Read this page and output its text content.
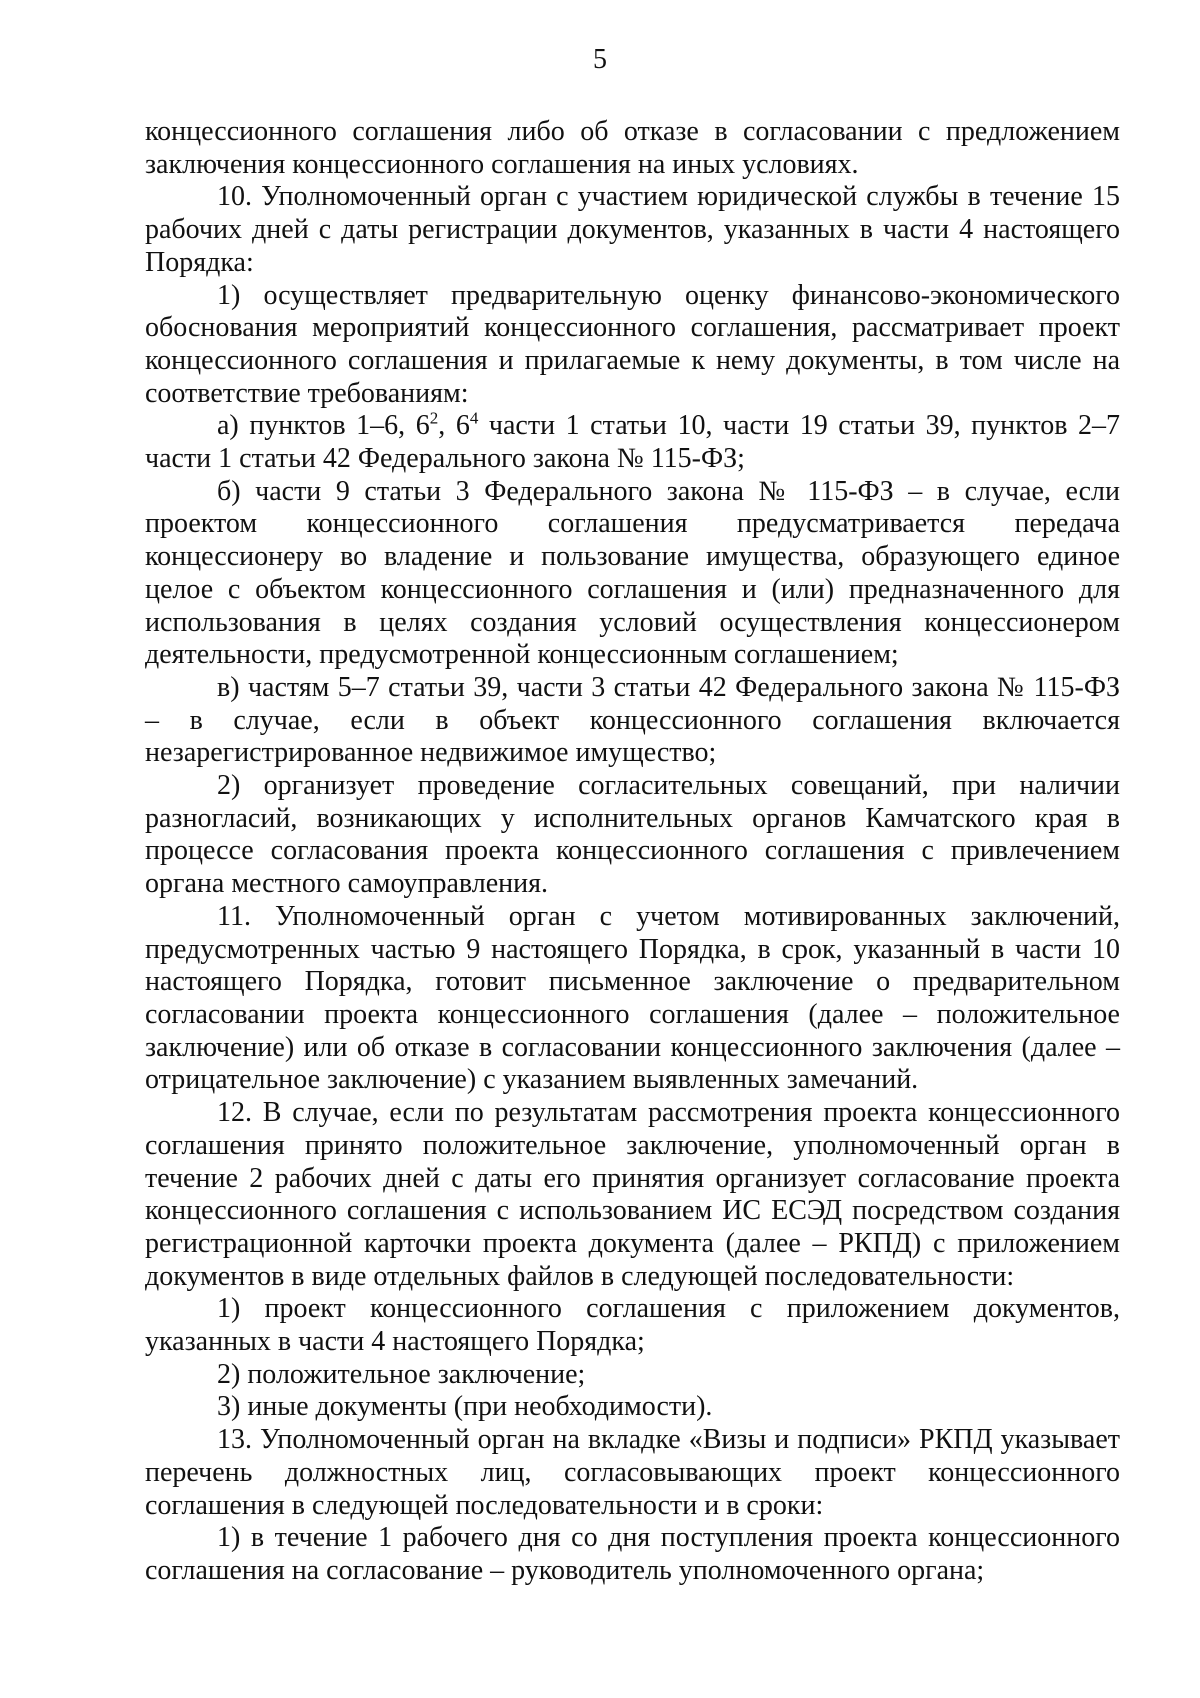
5

концессионного соглашения либо об отказе в согласовании с предложением заключения концессионного соглашения на иных условиях.

10. Уполномоченный орган с участием юридической службы в течение 15 рабочих дней с даты регистрации документов, указанных в части 4 настоящего Порядка:

1) осуществляет предварительную оценку финансово-экономического обоснования мероприятий концессионного соглашения, рассматривает проект концессионного соглашения и прилагаемые к нему документы, в том числе на соответствие требованиям:

а) пунктов 1–6, $6^2$, $6^4$ части 1 статьи 10, части 19 статьи 39, пунктов 2–7 части 1 статьи 42 Федерального закона № 115-ФЗ;

б) части 9 статьи 3 Федерального закона № 115-ФЗ – в случае, если проектом концессионного соглашения предусматривается передача концессионеру во владение и пользование имущества, образующего единое целое с объектом концессионного соглашения и (или) предназначенного для использования в целях создания условий осуществления концессионером деятельности, предусмотренной концессионным соглашением;

в) частям 5–7 статьи 39, части 3 статьи 42 Федерального закона № 115-ФЗ – в случае, если в объект концессионного соглашения включается незарегистрированное недвижимое имущество;

2) организует проведение согласительных совещаний, при наличии разногласий, возникающих у исполнительных органов Камчатского края в процессе согласования проекта концессионного соглашения с привлечением органа местного самоуправления.

11. Уполномоченный орган с учетом мотивированных заключений, предусмотренных частью 9 настоящего Порядка, в срок, указанный в части 10 настоящего Порядка, готовит письменное заключение о предварительном согласовании проекта концессионного соглашения (далее – положительное заключение) или об отказе в согласовании концессионного заключения (далее – отрицательное заключение) с указанием выявленных замечаний.

12. В случае, если по результатам рассмотрения проекта концессионного соглашения принято положительное заключение, уполномоченный орган в течение 2 рабочих дней с даты его принятия организует согласование проекта концессионного соглашения с использованием ИС ЕСЭД посредством создания регистрационной карточки проекта документа (далее – РКПД) с приложением документов в виде отдельных файлов в следующей последовательности:

1) проект концессионного соглашения с приложением документов, указанных в части 4 настоящего Порядка;

2) положительное заключение;

3) иные документы (при необходимости).

13. Уполномоченный орган на вкладке «Визы и подписи» РКПД указывает перечень должностных лиц, согласовывающих проект концессионного соглашения в следующей последовательности и в сроки:

1) в течение 1 рабочего дня со дня поступления проекта концессионного соглашения на согласование – руководитель уполномоченного органа;
